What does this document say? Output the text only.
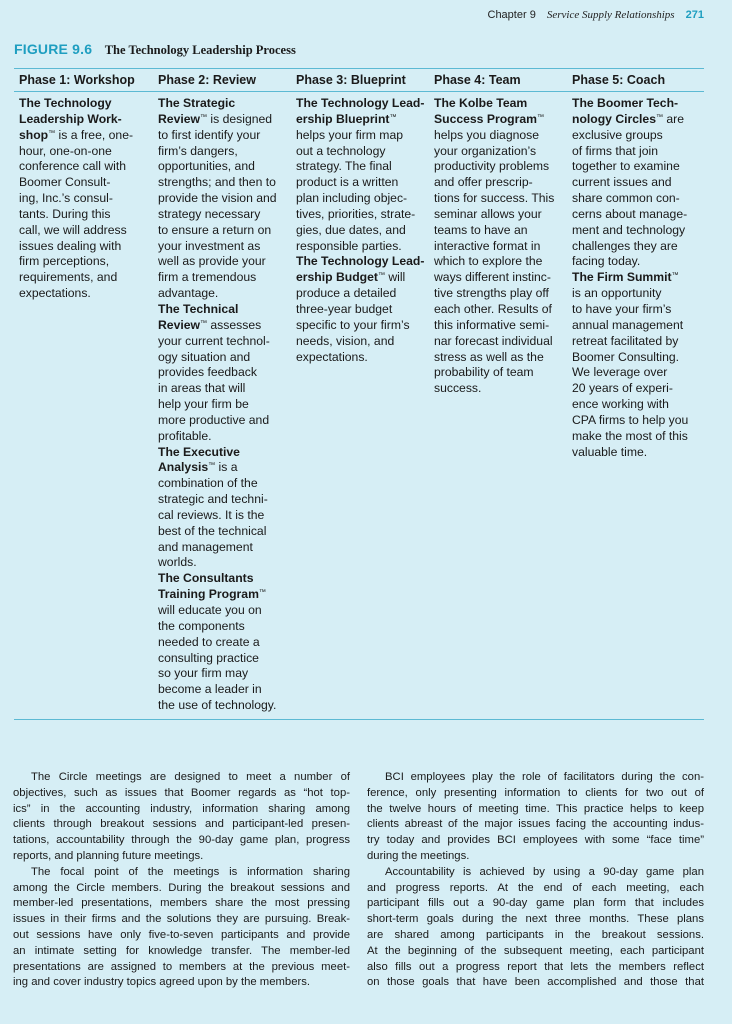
Chapter 9 Service Supply Relationships 271
FIGURE 9.6 The Technology Leadership Process
Phase 1: Workshop Phase 2: Review	Phase 3: Blueprint Phase 4: Team	Phase 5: Coach
The Technology
Leadership Work-
shop™ is a free, one-
hour, one-on-one
conference call with
Boomer Consult-
ing, Inc.’s consul-
tants. During this
call, we will address
issues dealing with
firm perceptions,
requirements, and
expectations.
The Strategic
Review™ is designed
to first identify your
firm’s dangers,
opportunities, and
strengths; and then to
provide the vision and
strategy necessary
to ensure a return on
your investment as
well as provide your
firm a tremendous
advantage.
The Technical
Review™ assesses
your current technol-
ogy situation and
provides feedback
in areas that will
help your firm be
more productive and
profitable.
The Executive
Analysis™ is a
combination of the
strategic and techni-
cal reviews. It is the
best of the technical
and management
worlds.
The Consultants
Training Program™
will educate you on
the components
needed to create a
consulting practice
so your firm may
become a leader in
the use of technology.
The Technology Lead-
ership Blueprint™
helps your firm map
out a technology
strategy. The final
product is a written
plan including objec-
tives, priorities, strate-
gies, due dates, and
responsible parties.
The Technology Lead-
ership Budget™ will
produce a detailed
three-year budget
specific to your firm’s
needs, vision, and
expectations.
The Kolbe Team
Success Program™
helps you diagnose
your organization’s
productivity problems
and offer prescrip-
tions for success. This
seminar allows your
teams to have an
interactive format in
which to explore the
ways different instinc-
tive strengths play off
each other. Results of
this informative semi-
nar forecast individual
stress as well as the
probability of team
success.
The Boomer Tech-
nology Circles™ are
exclusive groups
of firms that join
together to examine
current issues and
share common con-
cerns about manage-
ment and technology
challenges they are
facing today.
The Firm Summit™
is an opportunity
to have your firm’s
annual management
retreat facilitated by
Boomer Consulting.
We leverage over
20 years of experi-
ence working with
CPA firms to help you
make the most of this
valuable time.
The Circle meetings are designed to meet a number of
objectives, such as issues that Boomer regards as “hot top-
ics” in the accounting industry, information sharing among
clients through breakout sessions and participant-led presen-
tations, accountability through the 90-day game plan, progress
reports, and planning future meetings.
The focal point of the meetings is information sharing
among the Circle members. During the breakout sessions and
member-led presentations, members share the most pressing
issues in their firms and the solutions they are pursuing. Break-
out sessions have only five-to-seven participants and provide
an intimate setting for knowledge transfer. The member-led
presentations are assigned to members at the previous meet-
ing and cover industry topics agreed upon by the members.
BCI employees play the role of facilitators during the con-
ference, only presenting information to clients for two out of
the twelve hours of meeting time. This practice helps to keep
clients abreast of the major issues facing the accounting indus-
try today and provides BCI employees with some “face time”
during the meetings.
Accountability is achieved by using a 90-day game plan
and progress reports. At the end of each meeting, each
participant fills out a 90-day game plan form that includes
short-term goals during the next three months. These plans
are shared among participants in the breakout sessions.
At the beginning of the subsequent meeting, each participant
also fills out a progress report that lets the members reflect
on those goals that have been accomplished and those that
